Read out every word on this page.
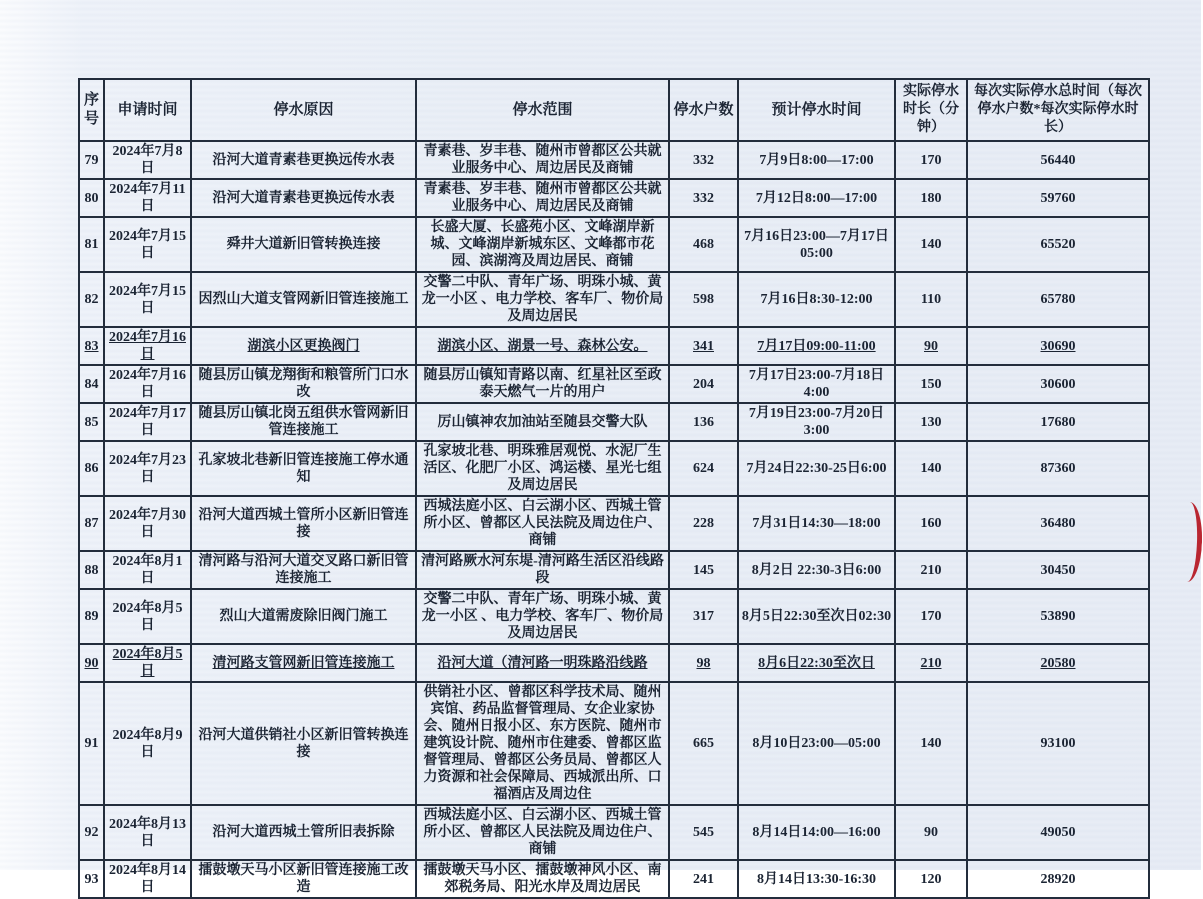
序号	申请时间	停水原因	停水范围	停水户数	预计停水时间	实际停水时长（分钟）	每次实际停水总时间（每次停水户数*每次实际停水时长）
79	2024年7月8日	沿河大道青素巷更换远传水表	青素巷、岁丰巷、随州市曾都区公共就业服务中心、周边居民及商铺	332	7月9日8:00—17:00	170	56440
80	2024年7月11日	沿河大道青素巷更换远传水表	青素巷、岁丰巷、随州市曾都区公共就业服务中心、周边居民及商铺	332	7月12日8:00—17:00	180	59760
81	2024年7月15日	舜井大道新旧管转换连接	长盛大厦、长盛苑小区、文峰湖岸新城、文峰湖岸新城东区、文峰都市花园、滨湖湾及周边居民、商铺	468	7月16日23:00—7月17日05:00	140	65520
82	2024年7月15日	因烈山大道支管网新旧管连接施工	交警二中队、青年广场、明珠小城、黄龙一小区 、电力学校、客车厂、物价局及周边居民	598	7月16日8:30-12:00	110	65780
83	2024年7月16日	湖滨小区更换阀门	湖滨小区、湖景一号、森林公安。	341	7月17日09:00-11:00	90	30690
84	2024年7月16日	随县厉山镇龙翔街和粮管所门口水改	随县厉山镇知青路以南、红星社区至政泰天燃气一片的用户	204	7月17日23:00-7月18日4:00	150	30600
85	2024年7月17日	随县厉山镇北岗五组供水管网新旧管连接施工	厉山镇神农加油站至随县交警大队	136	7月19日23:00-7月20日3:00	130	17680
86	2024年7月23日	孔家坡北巷新旧管连接施工停水通知	孔家坡北巷、明珠雅居观悦、水泥厂生活区、化肥厂小区、鸿运楼、星光七组及周边居民	624	7月24日22:30-25日6:00	140	87360
87	2024年7月30日	沿河大道西城土管所小区新旧管连接	西城法庭小区、白云湖小区、西城土管所小区、曾都区人民法院及周边住户、商铺	228	7月31日14:30—18:00	160	36480
88	2024年8月1日	清河路与沿河大道交叉路口新旧管连接施工	清河路厥水河东堤-清河路生活区沿线路段	145	8月2日 22:30-3日6:00	210	30450
89	2024年8月5日	烈山大道需废除旧阀门施工	交警二中队、青年广场、明珠小城、黄龙一小区 、电力学校、客车厂、物价局及周边居民	317	8月5日22:30至次日02:30	170	53890
90	2024年8月5日	清河路支管网新旧管连接施工	沿河大道（清河路一明珠路沿线路	98	8月6日22:30至次日	210	20580
91	2024年8月9日	沿河大道供销社小区新旧管转换连接	供销社小区、曾都区科学技术局、随州宾馆、药品监督管理局、女企业家协会、随州日报小区、东方医院、随州市建筑设计院、随州市住建委、曾都区监督管理局、曾都区公务员局、曾都区人力资源和社会保障局、西城派出所、口福酒店及周边住	665	8月10日23:00—05:00	140	93100
92	2024年8月13日	沿河大道西城土管所旧表拆除	西城法庭小区、白云湖小区、西城土管所小区、曾都区人民法院及周边住户、商铺	545	8月14日14:00—16:00	90	49050
93	2024年8月14日	擂鼓墩天马小区新旧管连接施工改造	擂鼓墩天马小区、擂鼓墩神风小区、南郊税务局、阳光水岸及周边居民	241	8月14日13:30-16:30	120	28920
